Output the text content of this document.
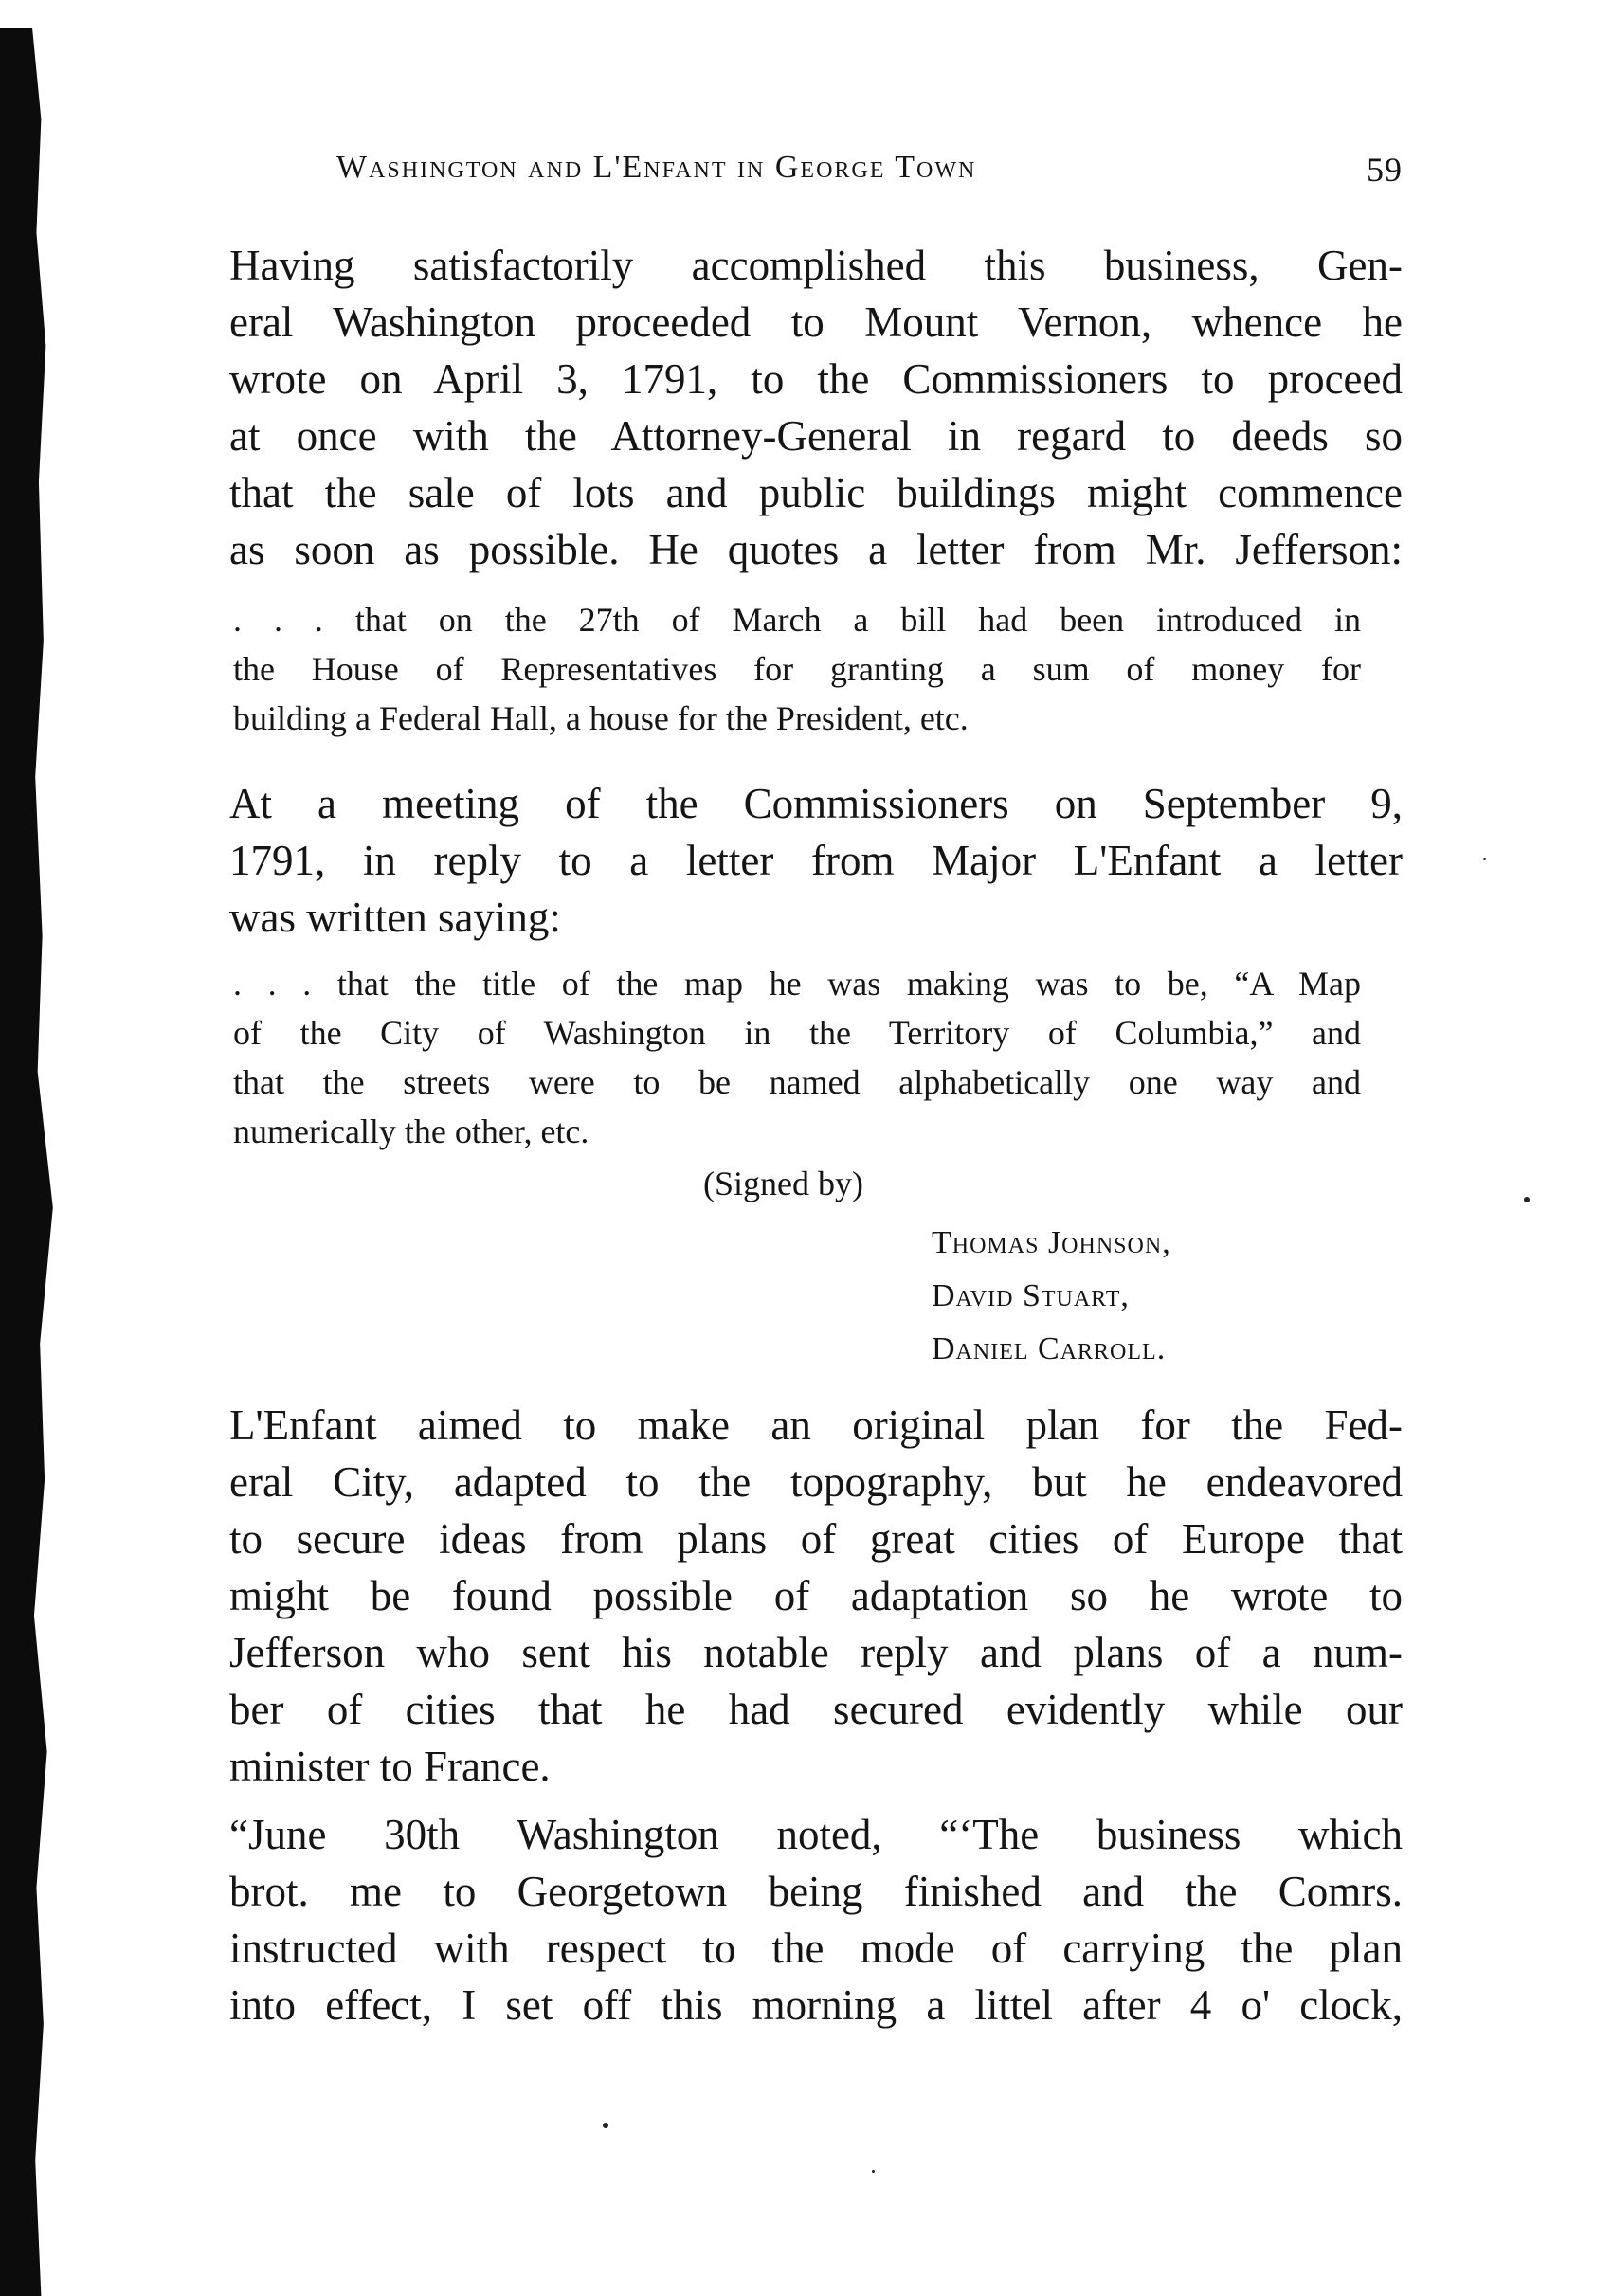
Washington and L'Enfant in George Town	59
Having satisfactorily accomplished this business, Gen-
eral Washington proceeded to Mount Vernon, whence he
wrote on April 3, 1791, to the Commissioners to proceed
at once with the Attorney-General in regard to deeds so
that the sale of lots and public buildings might commence
as soon as possible. He quotes a letter from Mr. Jefferson:
. . . that on the 27th of March a bill had been introduced in
the House of Representatives for granting a sum of money for
building a Federal Hall, a house for the President, etc.
At a meeting of the Commissioners on September 9,
1791, in reply to a letter from Major L'Enfant a letter
was written saying:
. . . that the title of the map he was making was to be, “A Map
of the City of Washington in the Territory of Columbia,” and
that the streets were to be named alphabetically one way and
numerically the other, etc.
(Signed by)
Thomas Johnson,
David Stuart,
Daniel Carroll.
L'Enfant aimed to make an original plan for the Fed-
eral City, adapted to the topography, but he endeavored
to secure ideas from plans of great cities of Europe that
might be found possible of adaptation so he wrote to
Jefferson who sent his notable reply and plans of a num-
ber of cities that he had secured evidently while our
minister to France.
“June 30th Washington noted, “‘The business which
brot. me to Georgetown being finished and the Comrs.
instructed with respect to the mode of carrying the plan
into effect, I set off this morning a littel after 4 o' clock,
